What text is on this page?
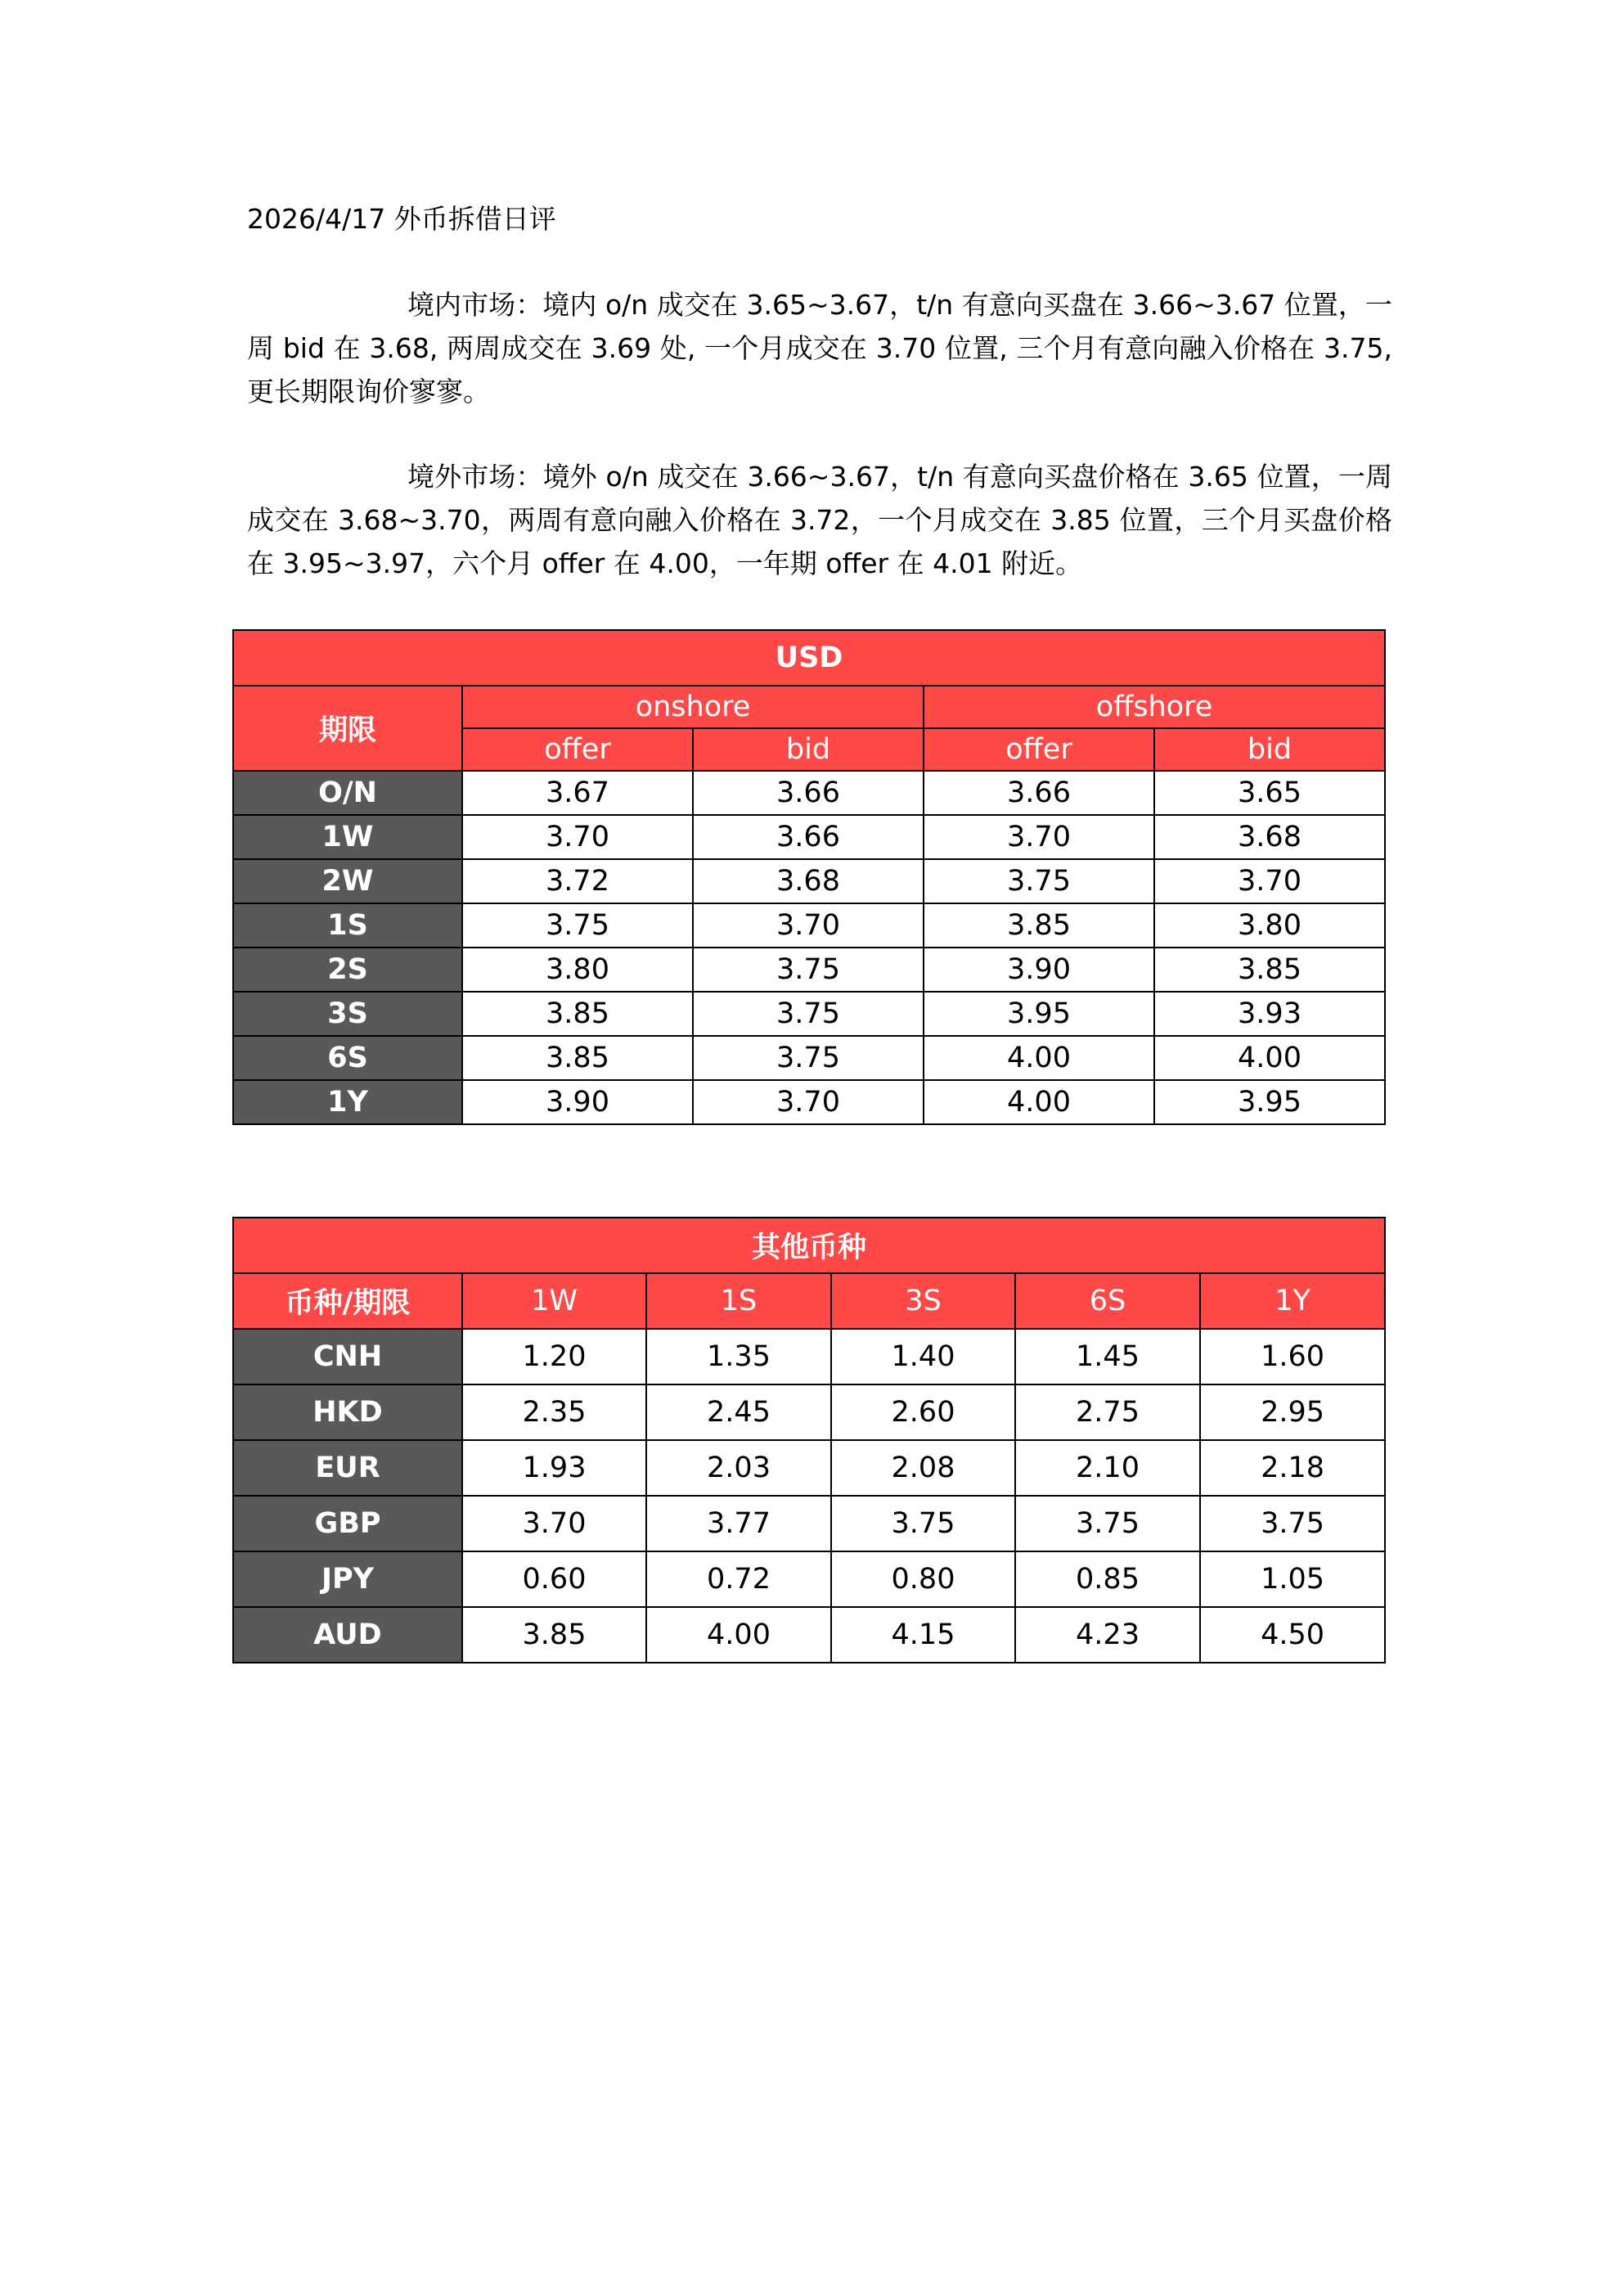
2026/4/17 外币拆借日评

境内市场：境内 o/n 成交在 3.65~3.67，t/n 有意向买盘在 3.66~3.67 位置，一周 bid 在 3.68, 两周成交在 3.69 处, 一个月成交在 3.70 位置, 三个月有意向融入价格在 3.75, 更长期限询价寥寥。

境外市场：境外 o/n 成交在 3.66~3.67，t/n 有意向买盘价格在 3.65 位置，一周成交在 3.68~3.70，两周有意向融入价格在 3.72，一个月成交在 3.85 位置，三个月买盘价格在 3.95~3.97，六个月 offer 在 4.00，一年期 offer 在 4.01 附近。

USD				
期限	onshore		offshore	
	offer	bid	offer	bid
O/N	3.67	3.66	3.66	3.65
1W	3.70	3.66	3.70	3.68
2W	3.72	3.68	3.75	3.70
1S	3.75	3.70	3.85	3.80
2S	3.80	3.75	3.90	3.85
3S	3.85	3.75	3.95	3.93
6S	3.85	3.75	4.00	4.00
1Y	3.90	3.70	4.00	3.95
其他币种					
币种/期限	1W	1S	3S	6S	1Y
CNH	1.20	1.35	1.40	1.45	1.60
HKD	2.35	2.45	2.60	2.75	2.95
EUR	1.93	2.03	2.08	2.10	2.18
GBP	3.70	3.77	3.75	3.75	3.75
JPY	0.60	0.72	0.80	0.85	1.05
AUD	3.85	4.00	4.15	4.23	4.50
